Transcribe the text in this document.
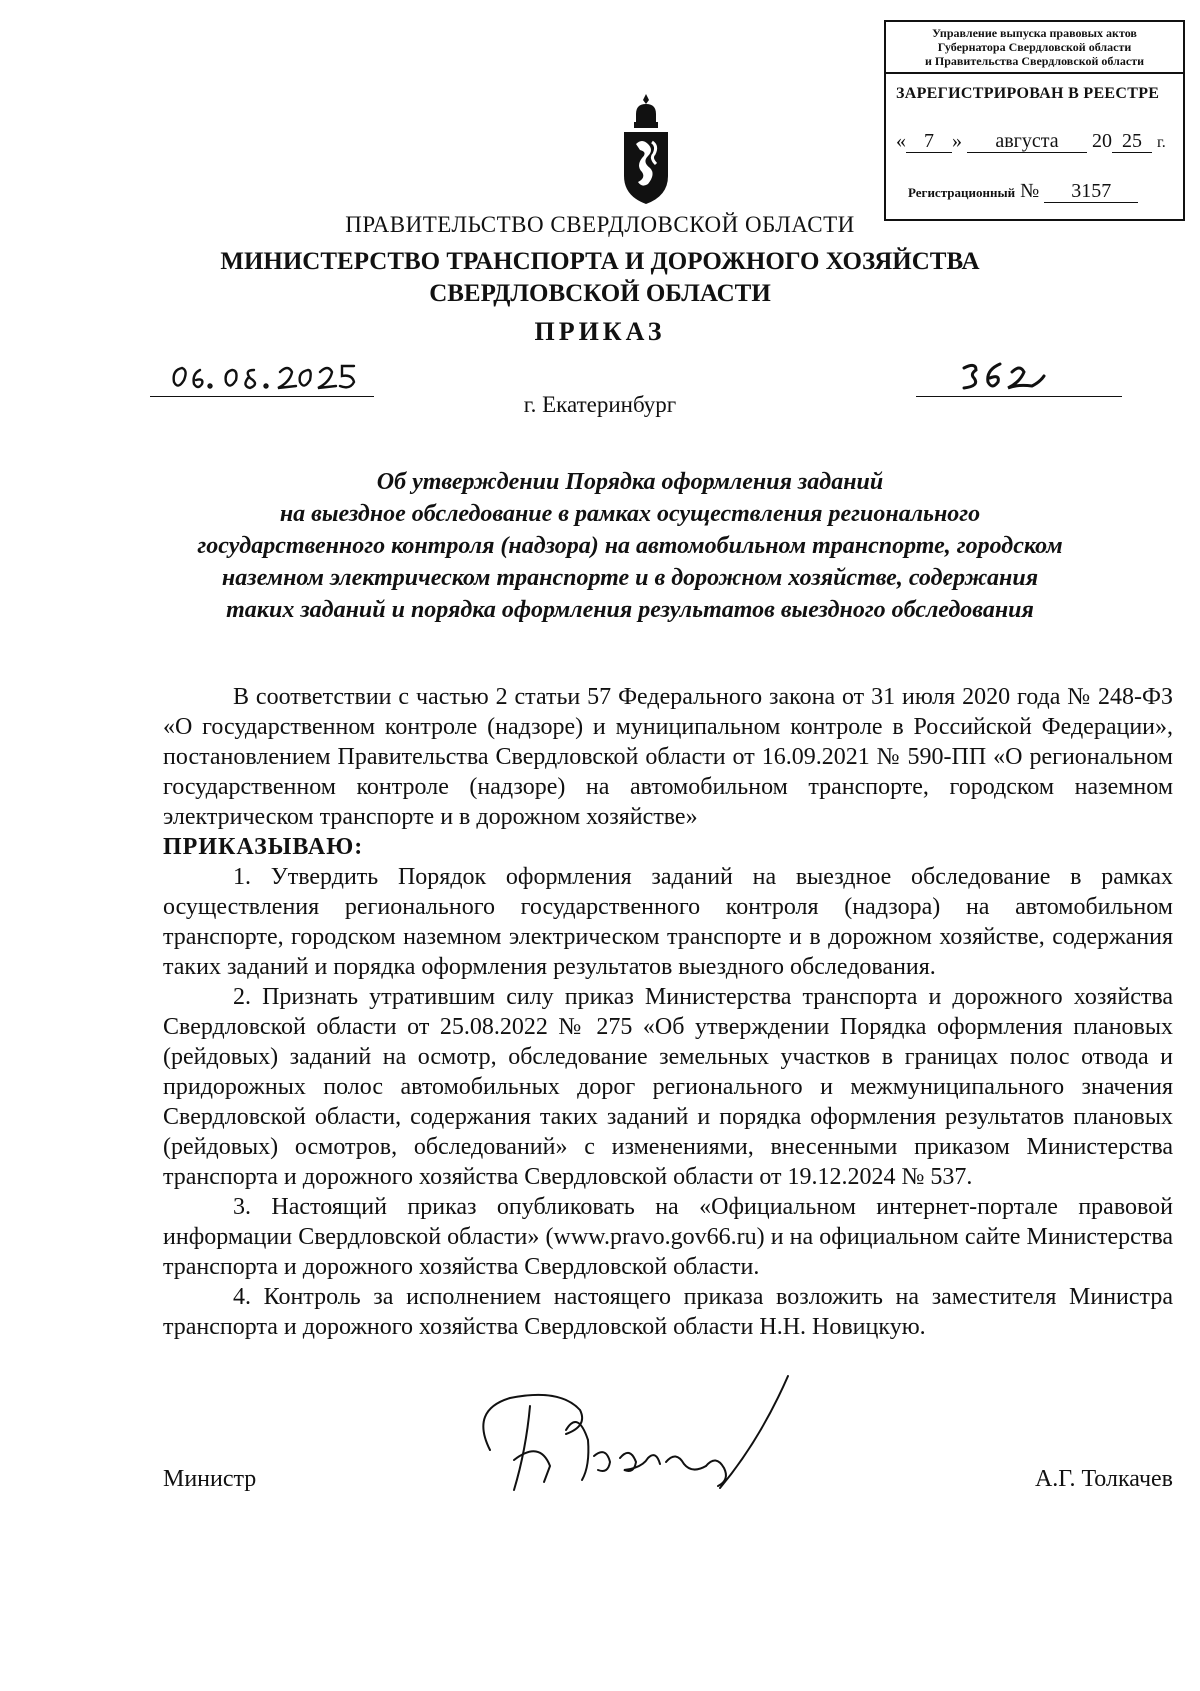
Управление выпуска правовых актов
Губернатора Свердловской области
и Правительства Свердловской области
ЗАРЕГИСТРИРОВАН В РЕЕСТРЕ
« 7 » августа 20 25 г.
Регистрационный № 3157
ПРАВИТЕЛЬСТВО СВЕРДЛОВСКОЙ ОБЛАСТИ
МИНИСТЕРСТВО ТРАНСПОРТА И ДОРОЖНОГО ХОЗЯЙСТВА
СВЕРДЛОВСКОЙ ОБЛАСТИ
ПРИКАЗ
г. Екатеринбург
Об утверждении Порядка оформления заданий
на выездное обследование в рамках осуществления регионального
государственного контроля (надзора) на автомобильном транспорте, городском
наземном электрическом транспорте и в дорожном хозяйстве, содержания
таких заданий и порядка оформления результатов выездного обследования

В соответствии с частью 2 статьи 57 Федерального закона от 31 июля 2020 года № 248-ФЗ «О государственном контроле (надзоре) и муниципальном контроле в Российской Федерации», постановлением Правительства Свердловской области от 16.09.2021 № 590-ПП «О региональном государственном контроле (надзоре) на автомобильном транспорте, городском наземном электрическом транспорте и в дорожном хозяйстве»

ПРИКАЗЫВАЮ:

1. Утвердить Порядок оформления заданий на выездное обследование в рамках осуществления регионального государственного контроля (надзора) на автомобильном транспорте, городском наземном электрическом транспорте и в дорожном хозяйстве, содержания таких заданий и порядка оформления результатов выездного обследования.

2. Признать утратившим силу приказ Министерства транспорта и дорожного хозяйства Свердловской области от 25.08.2022 № 275 «Об утверждении Порядка оформления плановых (рейдовых) заданий на осмотр, обследование земельных участков в границах полос отвода и придорожных полос автомобильных дорог регионального и межмуниципального значения Свердловской области, содержания таких заданий и порядка оформления результатов плановых (рейдовых) осмотров, обследований» с изменениями, внесенными приказом Министерства транспорта и дорожного хозяйства Свердловской области от 19.12.2024 № 537.

3. Настоящий приказ опубликовать на «Официальном интернет-портале правовой информации Свердловской области» (www.pravo.gov66.ru) и на официальном сайте Министерства транспорта и дорожного хозяйства Свердловской области.

4. Контроль за исполнением настоящего приказа возложить на заместителя Министра транспорта и дорожного хозяйства Свердловской области Н.Н. Новицкую.

Министр	А.Г. Толкачев
